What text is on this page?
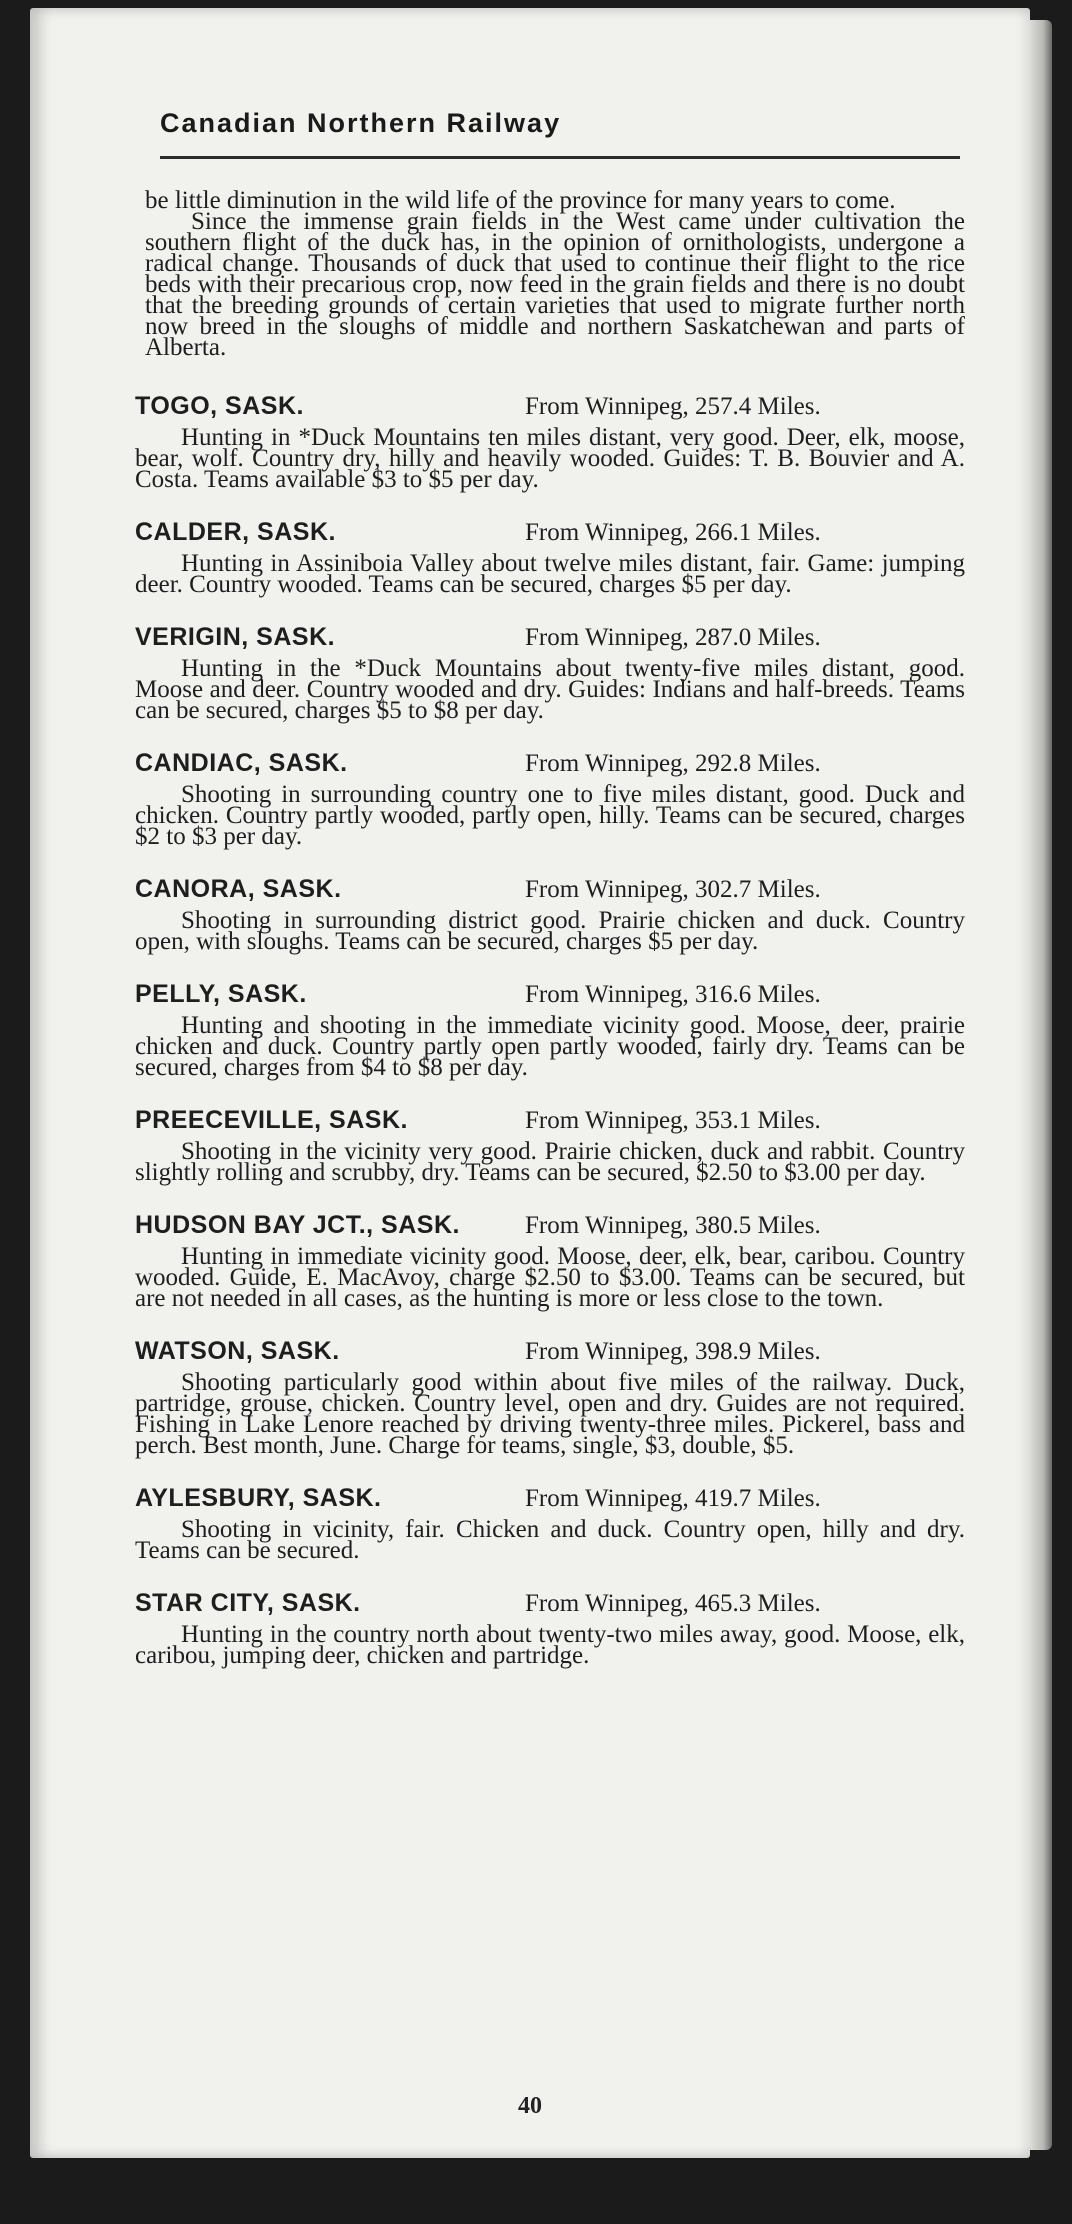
Canadian Northern Railway

be little diminution in the wild life of the province for many years to come.

Since the immense grain fields in the West came under cultivation the southern flight of the duck has, in the opinion of ornithologists, undergone a radical change. Thousands of duck that used to continue their flight to the rice beds with their precarious crop, now feed in the grain fields and there is no doubt that the breeding grounds of certain varieties that used to migrate further north now breed in the sloughs of middle and northern Saskatchewan and parts of Alberta.

TOGO, SASK.	From Winnipeg, 257.4 Miles.

Hunting in *Duck Mountains ten miles distant, very good. Deer, elk, moose, bear, wolf. Country dry, hilly and heavily wooded. Guides: T. B. Bouvier and A. Costa. Teams available $3 to $5 per day.

CALDER, SASK.	From Winnipeg, 266.1 Miles.

Hunting in Assiniboia Valley about twelve miles distant, fair. Game: jumping deer. Country wooded. Teams can be secured, charges $5 per day.

VERIGIN, SASK.	From Winnipeg, 287.0 Miles.

Hunting in the *Duck Mountains about twenty-five miles distant, good. Moose and deer. Country wooded and dry. Guides: Indians and half-breeds. Teams can be secured, charges $5 to $8 per day.

CANDIAC, SASK.	From Winnipeg, 292.8 Miles.

Shooting in surrounding country one to five miles distant, good. Duck and chicken. Country partly wooded, partly open, hilly. Teams can be secured, charges $2 to $3 per day.

CANORA, SASK.	From Winnipeg, 302.7 Miles.

Shooting in surrounding district good. Prairie chicken and duck. Country open, with sloughs. Teams can be secured, charges $5 per day.

PELLY, SASK.	From Winnipeg, 316.6 Miles.

Hunting and shooting in the immediate vicinity good. Moose, deer, prairie chicken and duck. Country partly open partly wooded, fairly dry. Teams can be secured, charges from $4 to $8 per day.

PREECEVILLE, SASK.	From Winnipeg, 353.1 Miles.

Shooting in the vicinity very good. Prairie chicken, duck and rabbit. Country slightly rolling and scrubby, dry. Teams can be secured, $2.50 to $3.00 per day.

HUDSON BAY JCT., SASK.	From Winnipeg, 380.5 Miles.

Hunting in immediate vicinity good. Moose, deer, elk, bear, caribou. Country wooded. Guide, E. MacAvoy, charge $2.50 to $3.00. Teams can be secured, but are not needed in all cases, as the hunting is more or less close to the town.

WATSON, SASK.	From Winnipeg, 398.9 Miles.

Shooting particularly good within about five miles of the railway. Duck, partridge, grouse, chicken. Country level, open and dry. Guides are not required. Fishing in Lake Lenore reached by driving twenty-three miles. Pickerel, bass and perch. Best month, June. Charge for teams, single, $3, double, $5.

AYLESBURY, SASK.	From Winnipeg, 419.7 Miles.

Shooting in vicinity, fair. Chicken and duck. Country open, hilly and dry. Teams can be secured.

STAR CITY, SASK.	From Winnipeg, 465.3 Miles.

Hunting in the country north about twenty-two miles away, good. Moose, elk, caribou, jumping deer, chicken and partridge.

40
